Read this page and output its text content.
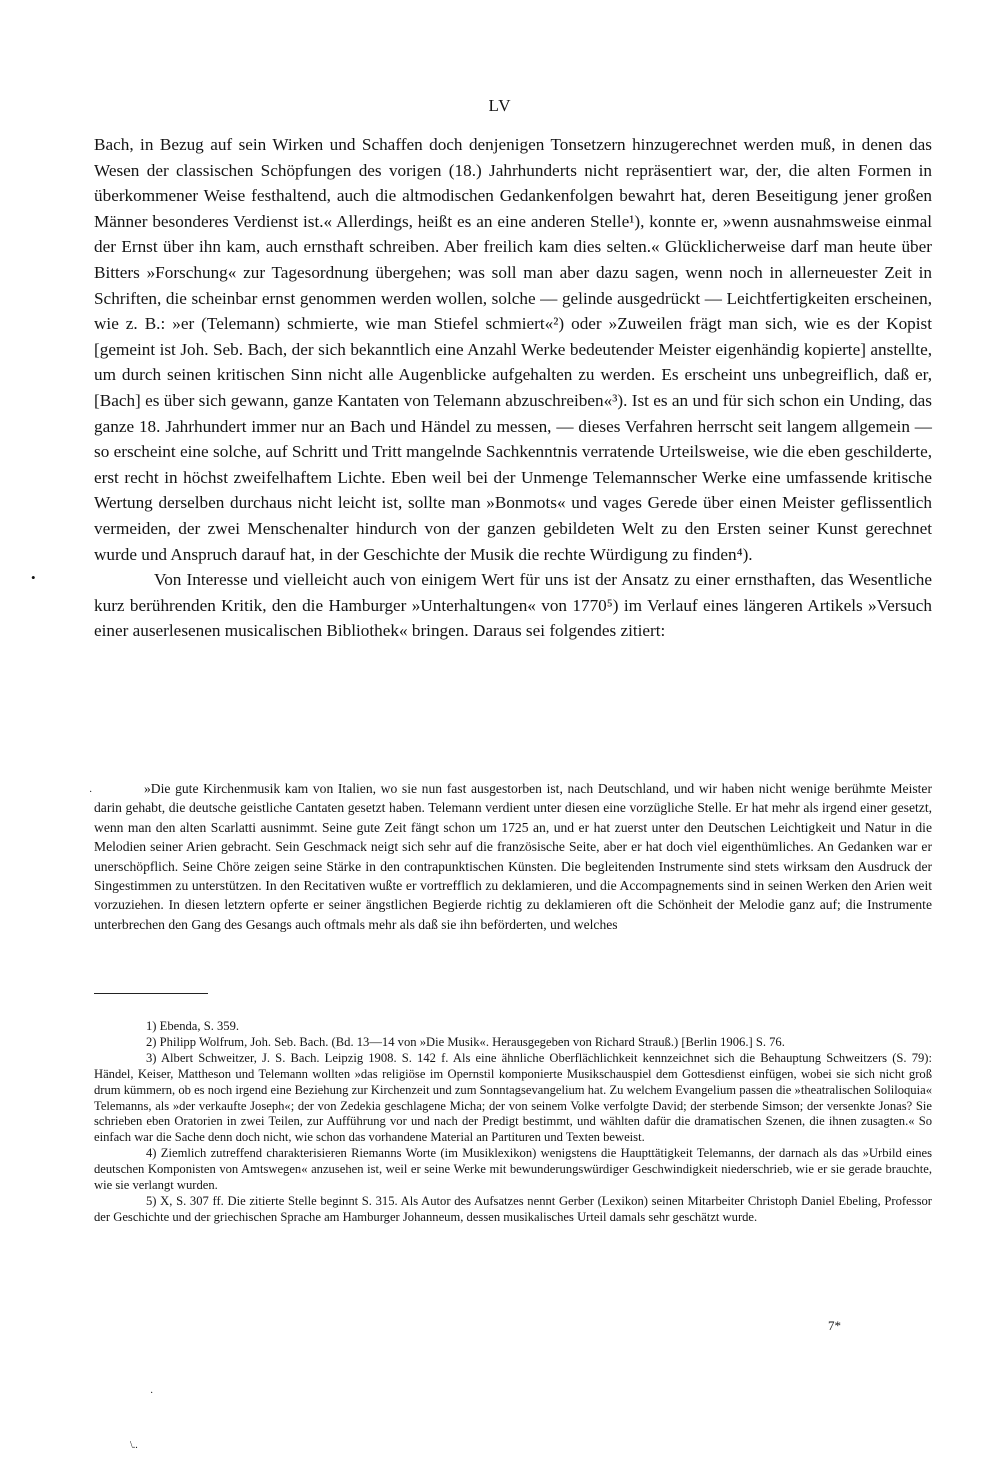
LV

Bach, in Bezug auf sein Wirken und Schaffen doch denjenigen Tonsetzern hinzugerechnet werden muß, in denen das Wesen der classischen Schöpfungen des vorigen (18.) Jahrhunderts nicht repräsentiert war, der, die alten Formen in überkommener Weise festhaltend, auch die altmodischen Gedankenfolgen bewahrt hat, deren Beseitigung jener großen Männer besonderes Verdienst ist.« Allerdings, heißt es an eine anderen Stelle¹), konnte er, »wenn ausnahmsweise einmal der Ernst über ihn kam, auch ernsthaft schreiben. Aber freilich kam dies selten.« Glücklicherweise darf man heute über Bitters »Forschung« zur Tagesordnung übergehen; was soll man aber dazu sagen, wenn noch in allerneuester Zeit in Schriften, die scheinbar ernst genommen werden wollen, solche — gelinde ausgedrückt — Leichtfertigkeiten erscheinen, wie z. B.: »er (Telemann) schmierte, wie man Stiefel schmiert«²) oder »Zuweilen frägt man sich, wie es der Kopist [gemeint ist Joh. Seb. Bach, der sich bekanntlich eine Anzahl Werke bedeutender Meister eigenhändig kopierte] anstellte, um durch seinen kritischen Sinn nicht alle Augenblicke aufgehalten zu werden. Es erscheint uns unbegreiflich, daß er, [Bach] es über sich gewann, ganze Kantaten von Telemann abzuschreiben«³). Ist es an und für sich schon ein Unding, das ganze 18. Jahrhundert immer nur an Bach und Händel zu messen, — dieses Verfahren herrscht seit langem allgemein — so erscheint eine solche, auf Schritt und Tritt mangelnde Sachkenntnis verratende Urteilsweise, wie die eben geschilderte, erst recht in höchst zweifelhaftem Lichte. Eben weil bei der Unmenge Telemannscher Werke eine umfassende kritische Wertung derselben durchaus nicht leicht ist, sollte man »Bonmots« und vages Gerede über einen Meister geflissentlich vermeiden, der zwei Menschenalter hindurch von der ganzen gebildeten Welt zu den Ersten seiner Kunst gerechnet wurde und Anspruch darauf hat, in der Geschichte der Musik die rechte Würdigung zu finden⁴).

Von Interesse und vielleicht auch von einigem Wert für uns ist der Ansatz zu einer ernsthaften, das Wesentliche kurz berührenden Kritik, den die Hamburger »Unterhaltungen« von 1770⁵) im Verlauf eines längeren Artikels »Versuch einer auserlesenen musicalischen Bibliothek« bringen. Daraus sei folgendes zitiert:

·
•

»Die gute Kirchenmusik kam von Italien, wo sie nun fast ausgestorben ist, nach Deutschland, und wir haben nicht wenige berühmte Meister darin gehabt, die deutsche geistliche Cantaten gesetzt haben. Telemann verdient unter diesen eine vorzügliche Stelle. Er hat mehr als irgend einer gesetzt, wenn man den alten Scarlatti ausnimmt. Seine gute Zeit fängt schon um 1725 an, und er hat zuerst unter den Deutschen Leichtigkeit und Natur in die Melodien seiner Arien gebracht. Sein Geschmack neigt sich sehr auf die französische Seite, aber er hat doch viel eigenthümliches. An Gedanken war er unerschöpflich. Seine Chöre zeigen seine Stärke in den contrapunktischen Künsten. Die begleitenden Instrumente sind stets wirksam den Ausdruck der Singestimmen zu unterstützen. In den Recitativen wußte er vortrefflich zu deklamieren, und die Accompagnements sind in seinen Werken den Arien weit vorzuziehen. In diesen letztern opferte er seiner ängstlichen Begierde richtig zu deklamieren oft die Schönheit der Melodie ganz auf; die Instrumente unterbrechen den Gang des Gesangs auch oftmals mehr als daß sie ihn beförderten, und welches

1) Ebenda, S. 359.

2) Philipp Wolfrum, Joh. Seb. Bach. (Bd. 13—14 von »Die Musik«. Herausgegeben von Richard Strauß.) [Berlin 1906.] S. 76.

3) Albert Schweitzer, J. S. Bach. Leipzig 1908. S. 142 f. Als eine ähnliche Oberflächlichkeit kennzeichnet sich die Behauptung Schweitzers (S. 79): Händel, Keiser, Mattheson und Telemann wollten »das religiöse im Opernstil komponierte Musikschauspiel dem Gottesdienst einfügen, wobei sie sich nicht groß drum kümmern, ob es noch irgend eine Beziehung zur Kirchenzeit und zum Sonntagsevangelium hat. Zu welchem Evangelium passen die »theatralischen Soliloquia« Telemanns, als »der verkaufte Joseph«; der von Zedekia geschlagene Micha; der von seinem Volke verfolgte David; der sterbende Simson; der versenkte Jonas? Sie schrieben eben Oratorien in zwei Teilen, zur Aufführung vor und nach der Predigt bestimmt, und wählten dafür die dramatischen Szenen, die ihnen zusagten.« So einfach war die Sache denn doch nicht, wie schon das vorhandene Material an Partituren und Texten beweist.

4) Ziemlich zutreffend charakterisieren Riemanns Worte (im Musiklexikon) wenigstens die Haupttätigkeit Telemanns, der darnach als das »Urbild eines deutschen Komponisten von Amtswegen« anzusehen ist, weil er seine Werke mit bewunderungswürdiger Geschwindigkeit niederschrieb, wie er sie gerade brauchte, wie sie verlangt wurden.

5) X, S. 307 ff. Die zitierte Stelle beginnt S. 315. Als Autor des Aufsatzes nennt Gerber (Lexikon) seinen Mitarbeiter Christoph Daniel Ebeling, Professor der Geschichte und der griechischen Sprache am Hamburger Johanneum, dessen musikalisches Urteil damals sehr geschätzt wurde.

7*
·
\..
